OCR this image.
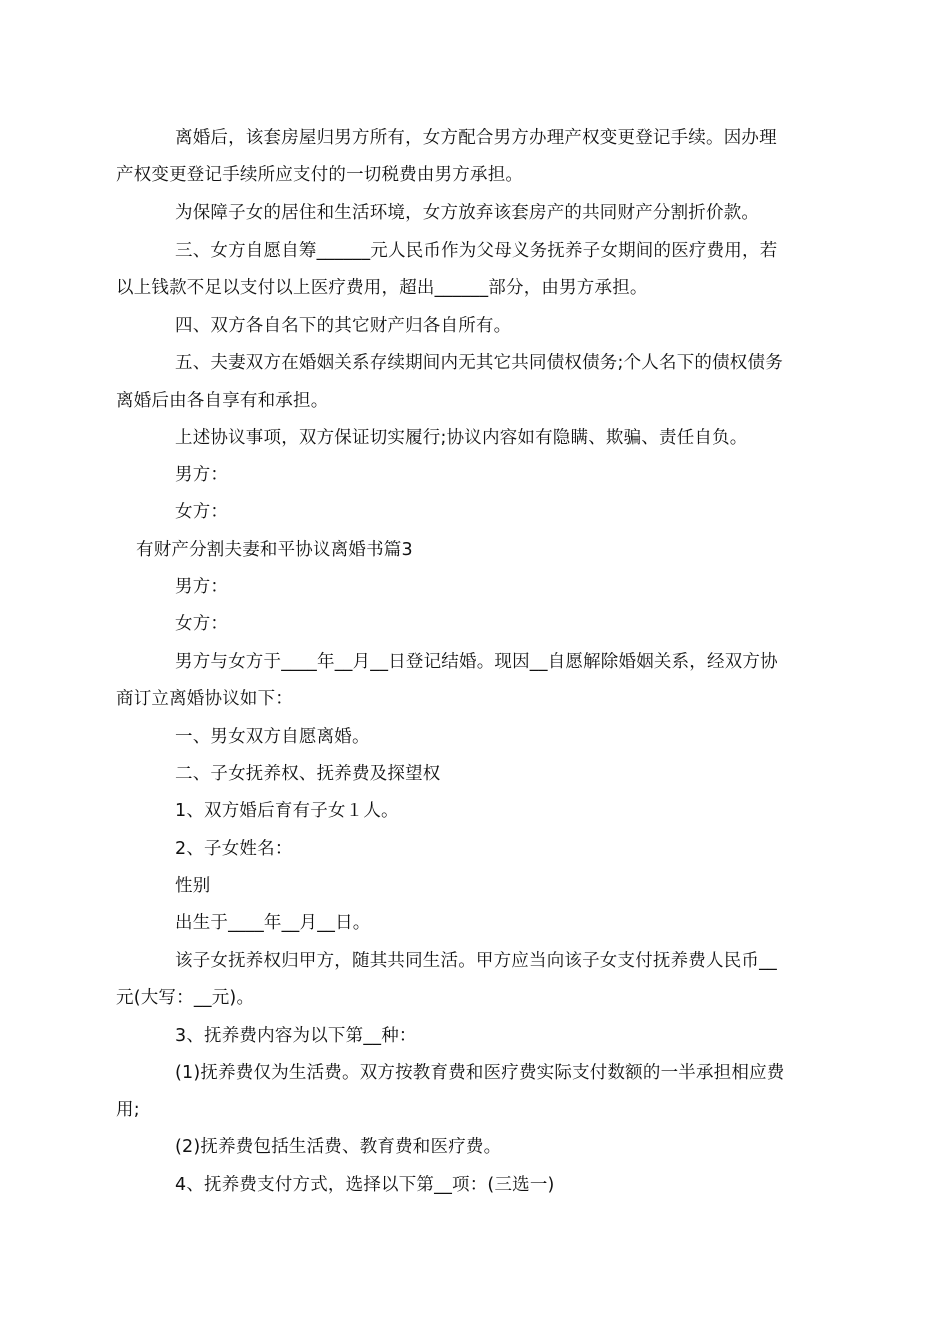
离婚后，该套房屋归男方所有，女方配合男方办理产权变更登记手续。因办理
产权变更登记手续所应支付的一切税费由男方承担。
为保障子女的居住和生活环境，女方放弃该套房产的共同财产分割折价款。
三、女方自愿自筹______元人民币作为父母义务抚养子女期间的医疗费用，若
以上钱款不足以支付以上医疗费用，超出______部分，由男方承担。
四、双方各自名下的其它财产归各自所有。
五、夫妻双方在婚姻关系存续期间内无其它共同债权债务;个人名下的债权债务
离婚后由各自享有和承担。
上述协议事项，双方保证切实履行;协议内容如有隐瞒、欺骗、责任自负。
男方：
女方：
有财产分割夫妻和平协议离婚书篇3
男方：
女方：
男方与女方于____年__月__日登记结婚。现因__自愿解除婚姻关系，经双方协
商订立离婚协议如下：
一、男女双方自愿离婚。
二、子女抚养权、抚养费及探望权
1、双方婚后育有子女１人。
2、子女姓名：
性别
出生于____年__月__日。
该子女抚养权归甲方，随其共同生活。甲方应当向该子女支付抚养费人民币__
元(大写：__元)。
3、抚养费内容为以下第__种：
(1)抚养费仅为生活费。双方按教育费和医疗费实际支付数额的一半承担相应费
用;
(2)抚养费包括生活费、教育费和医疗费。
4、抚养费支付方式，选择以下第__项：(三选一)
